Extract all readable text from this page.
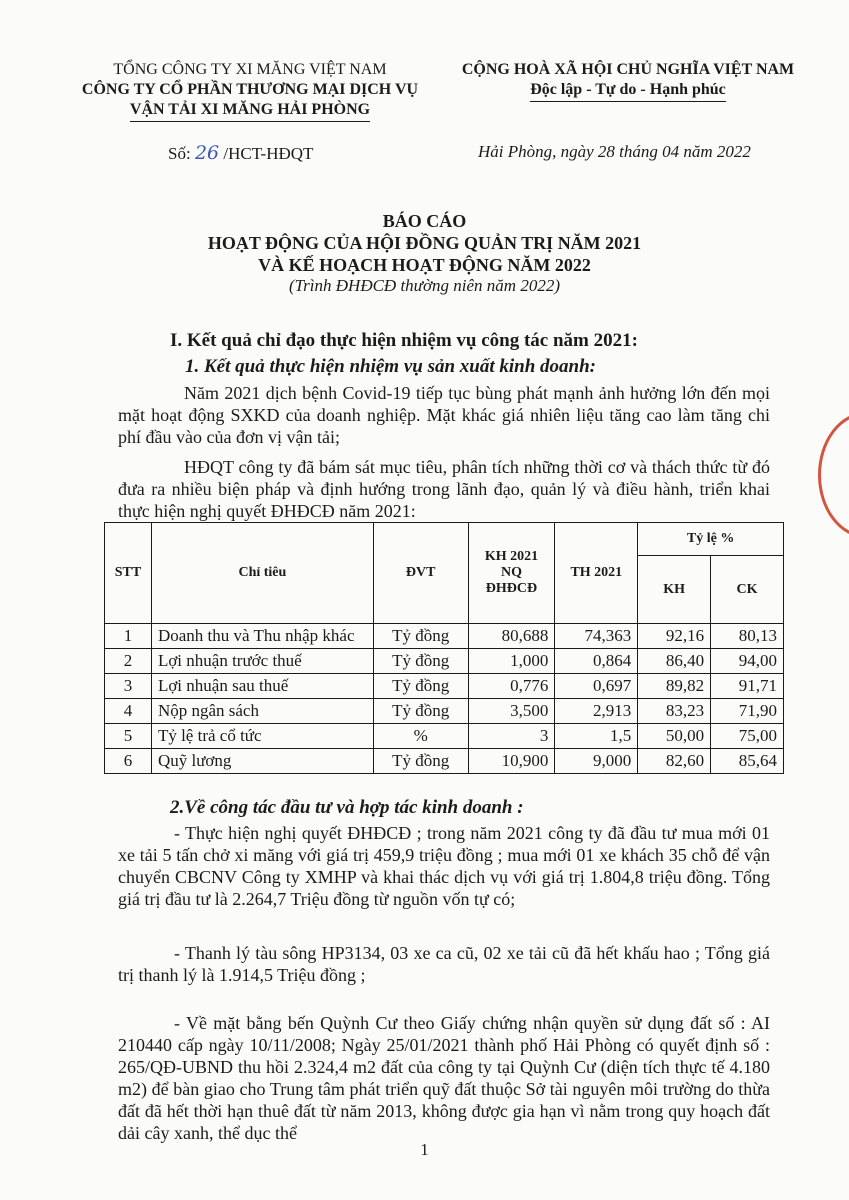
TỔNG CÔNG TY XI MĂNG VIỆT NAM
CÔNG TY CỔ PHẦN THƯƠNG MẠI DỊCH VỤ
VẬN TẢI XI MĂNG HẢI PHÒNG
CỘNG HOÀ XÃ HỘI CHỦ NGHĨA VIỆT NAM
Độc lập - Tự do - Hạnh phúc
Số: 26 /HCT-HĐQT	Hải Phòng, ngày 28 tháng 04 năm 2022
BÁO CÁO
HOẠT ĐỘNG CỦA HỘI ĐỒNG QUẢN TRỊ NĂM 2021
VÀ KẾ HOẠCH HOẠT ĐỘNG NĂM 2022
(Trình ĐHĐCĐ thường niên năm 2022)
I. Kết quả chỉ đạo thực hiện nhiệm vụ công tác năm 2021:
1. Kết quả thực hiện nhiệm vụ sản xuất kinh doanh:
Năm 2021 dịch bệnh Covid-19 tiếp tục bùng phát mạnh ảnh hưởng lớn đến mọi mặt hoạt động SXKD của doanh nghiệp. Mặt khác giá nhiên liệu tăng cao làm tăng chi phí đầu vào của đơn vị vận tải;
HĐQT công ty đã bám sát mục tiêu, phân tích những thời cơ và thách thức từ đó đưa ra nhiều biện pháp và định hướng trong lãnh đạo, quản lý và điều hành, triển khai thực hiện nghị quyết ĐHĐCĐ năm 2021:
STT	Chỉ tiêu	ĐVT	KH 2021 NQ ĐHĐCĐ	TH 2021	Tỷ lệ %	
					KH	CK
1	Doanh thu và Thu nhập khác	Tỷ đồng	80,688	74,363	92,16	80,13
2	Lợi nhuận trước thuế	Tỷ đồng	1,000	0,864	86,40	94,00
3	Lợi nhuận sau thuế	Tỷ đồng	0,776	0,697	89,82	91,71
4	Nộp ngân sách	Tỷ đồng	3,500	2,913	83,23	71,90
5	Tỷ lệ trả cổ tức	%	3	1,5	50,00	75,00
6	Quỹ lương	Tỷ đồng	10,900	9,000	82,60	85,64
2.Về công tác đầu tư và hợp tác kinh doanh :
- Thực hiện nghị quyết ĐHĐCĐ ; trong năm 2021 công ty đã đầu tư mua mới 01 xe tải 5 tấn chở xi măng với giá trị 459,9 triệu đồng ; mua mới 01 xe khách 35 chỗ để vận chuyển CBCNV Công ty XMHP và khai thác dịch vụ với giá trị 1.804,8 triệu đồng. Tổng giá trị đầu tư là 2.264,7 Triệu đồng từ nguồn vốn tự có;
- Thanh lý tàu sông HP3134, 03 xe ca cũ, 02 xe tải cũ đã hết khấu hao ; Tổng giá trị thanh lý là 1.914,5 Triệu đồng ;
- Về mặt bằng bến Quỳnh Cư theo Giấy chứng nhận quyền sử dụng đất số : AI 210440 cấp ngày 10/11/2008; Ngày 25/01/2021 thành phố Hải Phòng có quyết định số : 265/QĐ-UBND thu hồi 2.324,4 m2 đất của công ty tại Quỳnh Cư (diện tích thực tế 4.180 m2) để bàn giao cho Trung tâm phát triển quỹ đất thuộc Sở tài nguyên môi trường do thừa đất đã hết thời hạn thuê đất từ năm 2013, không được gia hạn vì nằm trong quy hoạch đất dải cây xanh, thể dục thể
1
